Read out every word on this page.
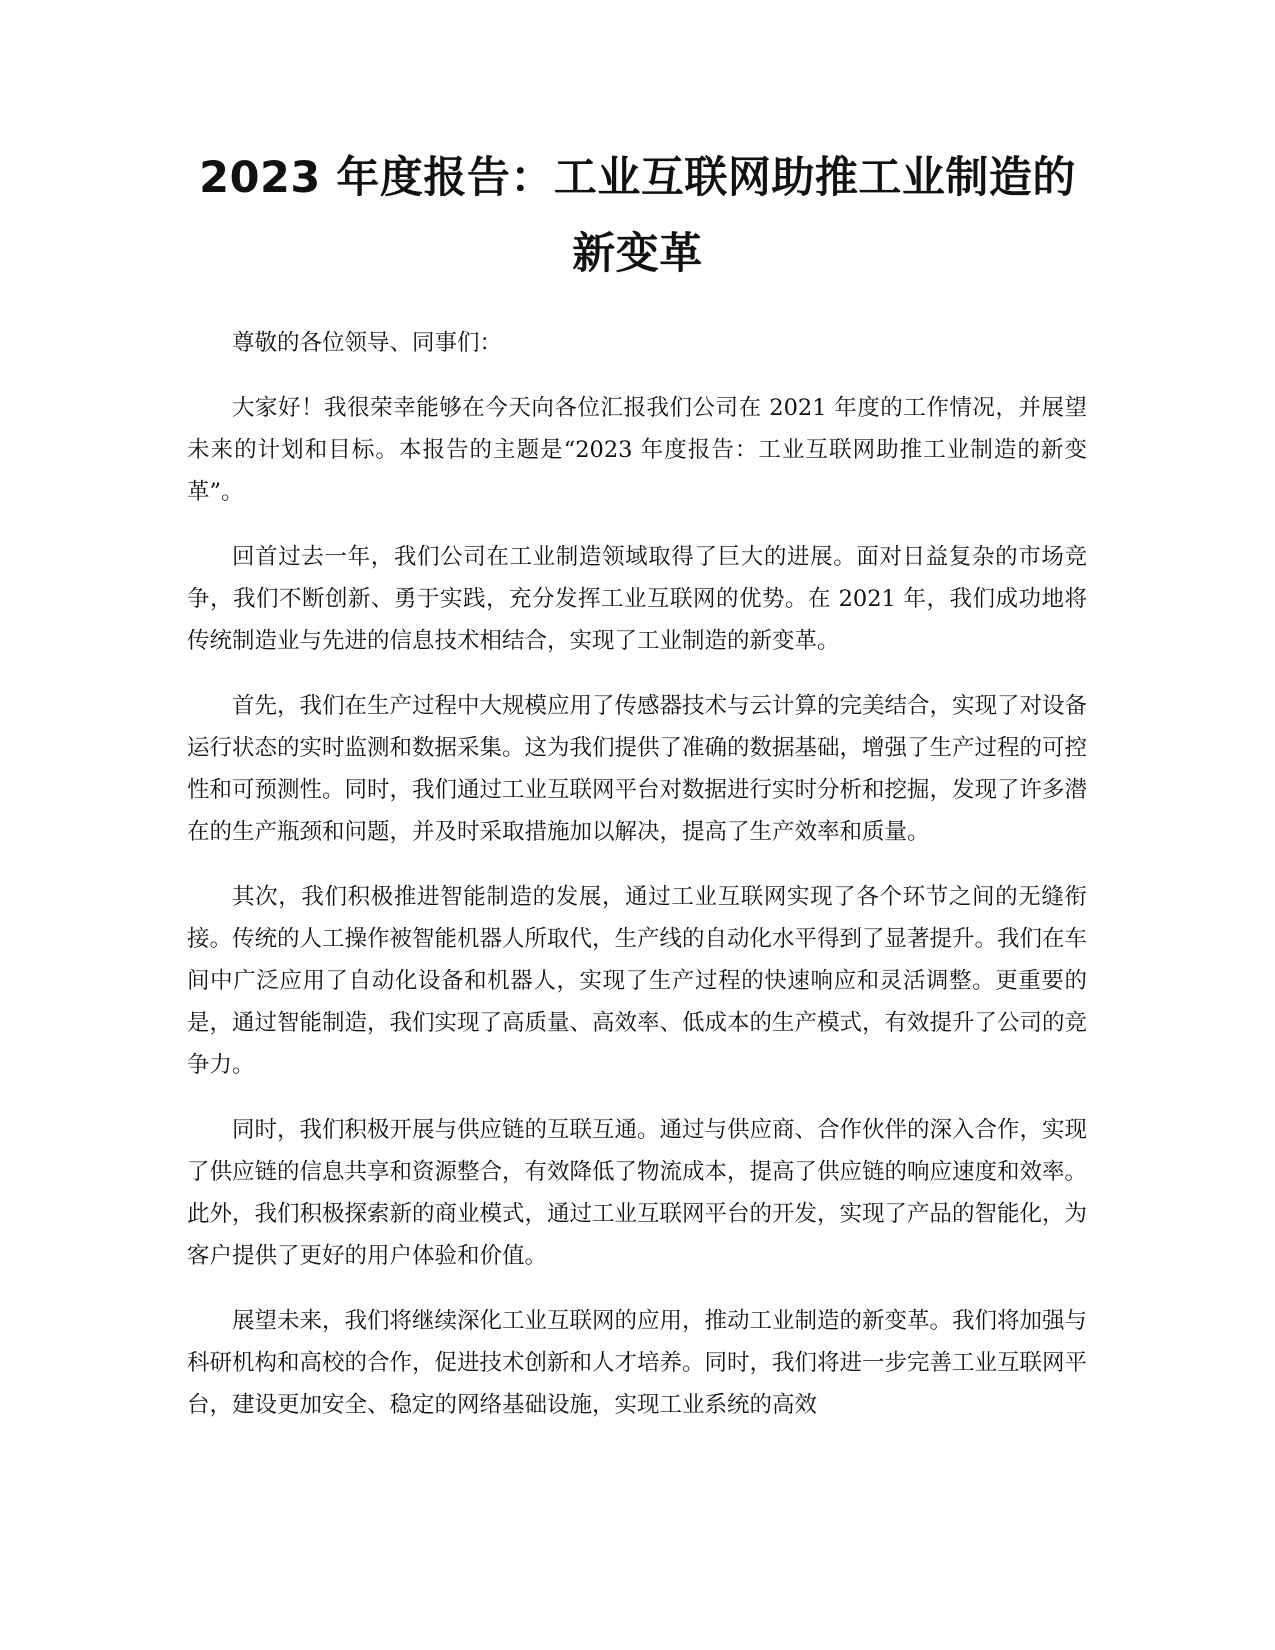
2023 年度报告：工业互联网助推工业制造的
新变革

尊敬的各位领导、同事们：

大家好！我很荣幸能够在今天向各位汇报我们公司在 2021 年度的工作情况，并展望未来的计划和目标。本报告的主题是“2023 年度报告：工业互联网助推工业制造的新变革”。

回首过去一年，我们公司在工业制造领域取得了巨大的进展。面对日益复杂的市场竞争，我们不断创新、勇于实践，充分发挥工业互联网的优势。在 2021 年，我们成功地将传统制造业与先进的信息技术相结合，实现了工业制造的新变革。

首先，我们在生产过程中大规模应用了传感器技术与云计算的完美结合，实现了对设备运行状态的实时监测和数据采集。这为我们提供了准确的数据基础，增强了生产过程的可控性和可预测性。同时，我们通过工业互联网平台对数据进行实时分析和挖掘，发现了许多潜在的生产瓶颈和问题，并及时采取措施加以解决，提高了生产效率和质量。

其次，我们积极推进智能制造的发展，通过工业互联网实现了各个环节之间的无缝衔接。传统的人工操作被智能机器人所取代，生产线的自动化水平得到了显著提升。我们在车间中广泛应用了自动化设备和机器人，实现了生产过程的快速响应和灵活调整。更重要的是，通过智能制造，我们实现了高质量、高效率、低成本的生产模式，有效提升了公司的竞争力。

同时，我们积极开展与供应链的互联互通。通过与供应商、合作伙伴的深入合作，实现了供应链的信息共享和资源整合，有效降低了物流成本，提高了供应链的响应速度和效率。此外，我们积极探索新的商业模式，通过工业互联网平台的开发，实现了产品的智能化，为客户提供了更好的用户体验和价值。

展望未来，我们将继续深化工业互联网的应用，推动工业制造的新变革。我们将加强与科研机构和高校的合作，促进技术创新和人才培养。同时，我们将进一步完善工业互联网平台，建设更加安全、稳定的网络基础设施，实现工业系统的高效
